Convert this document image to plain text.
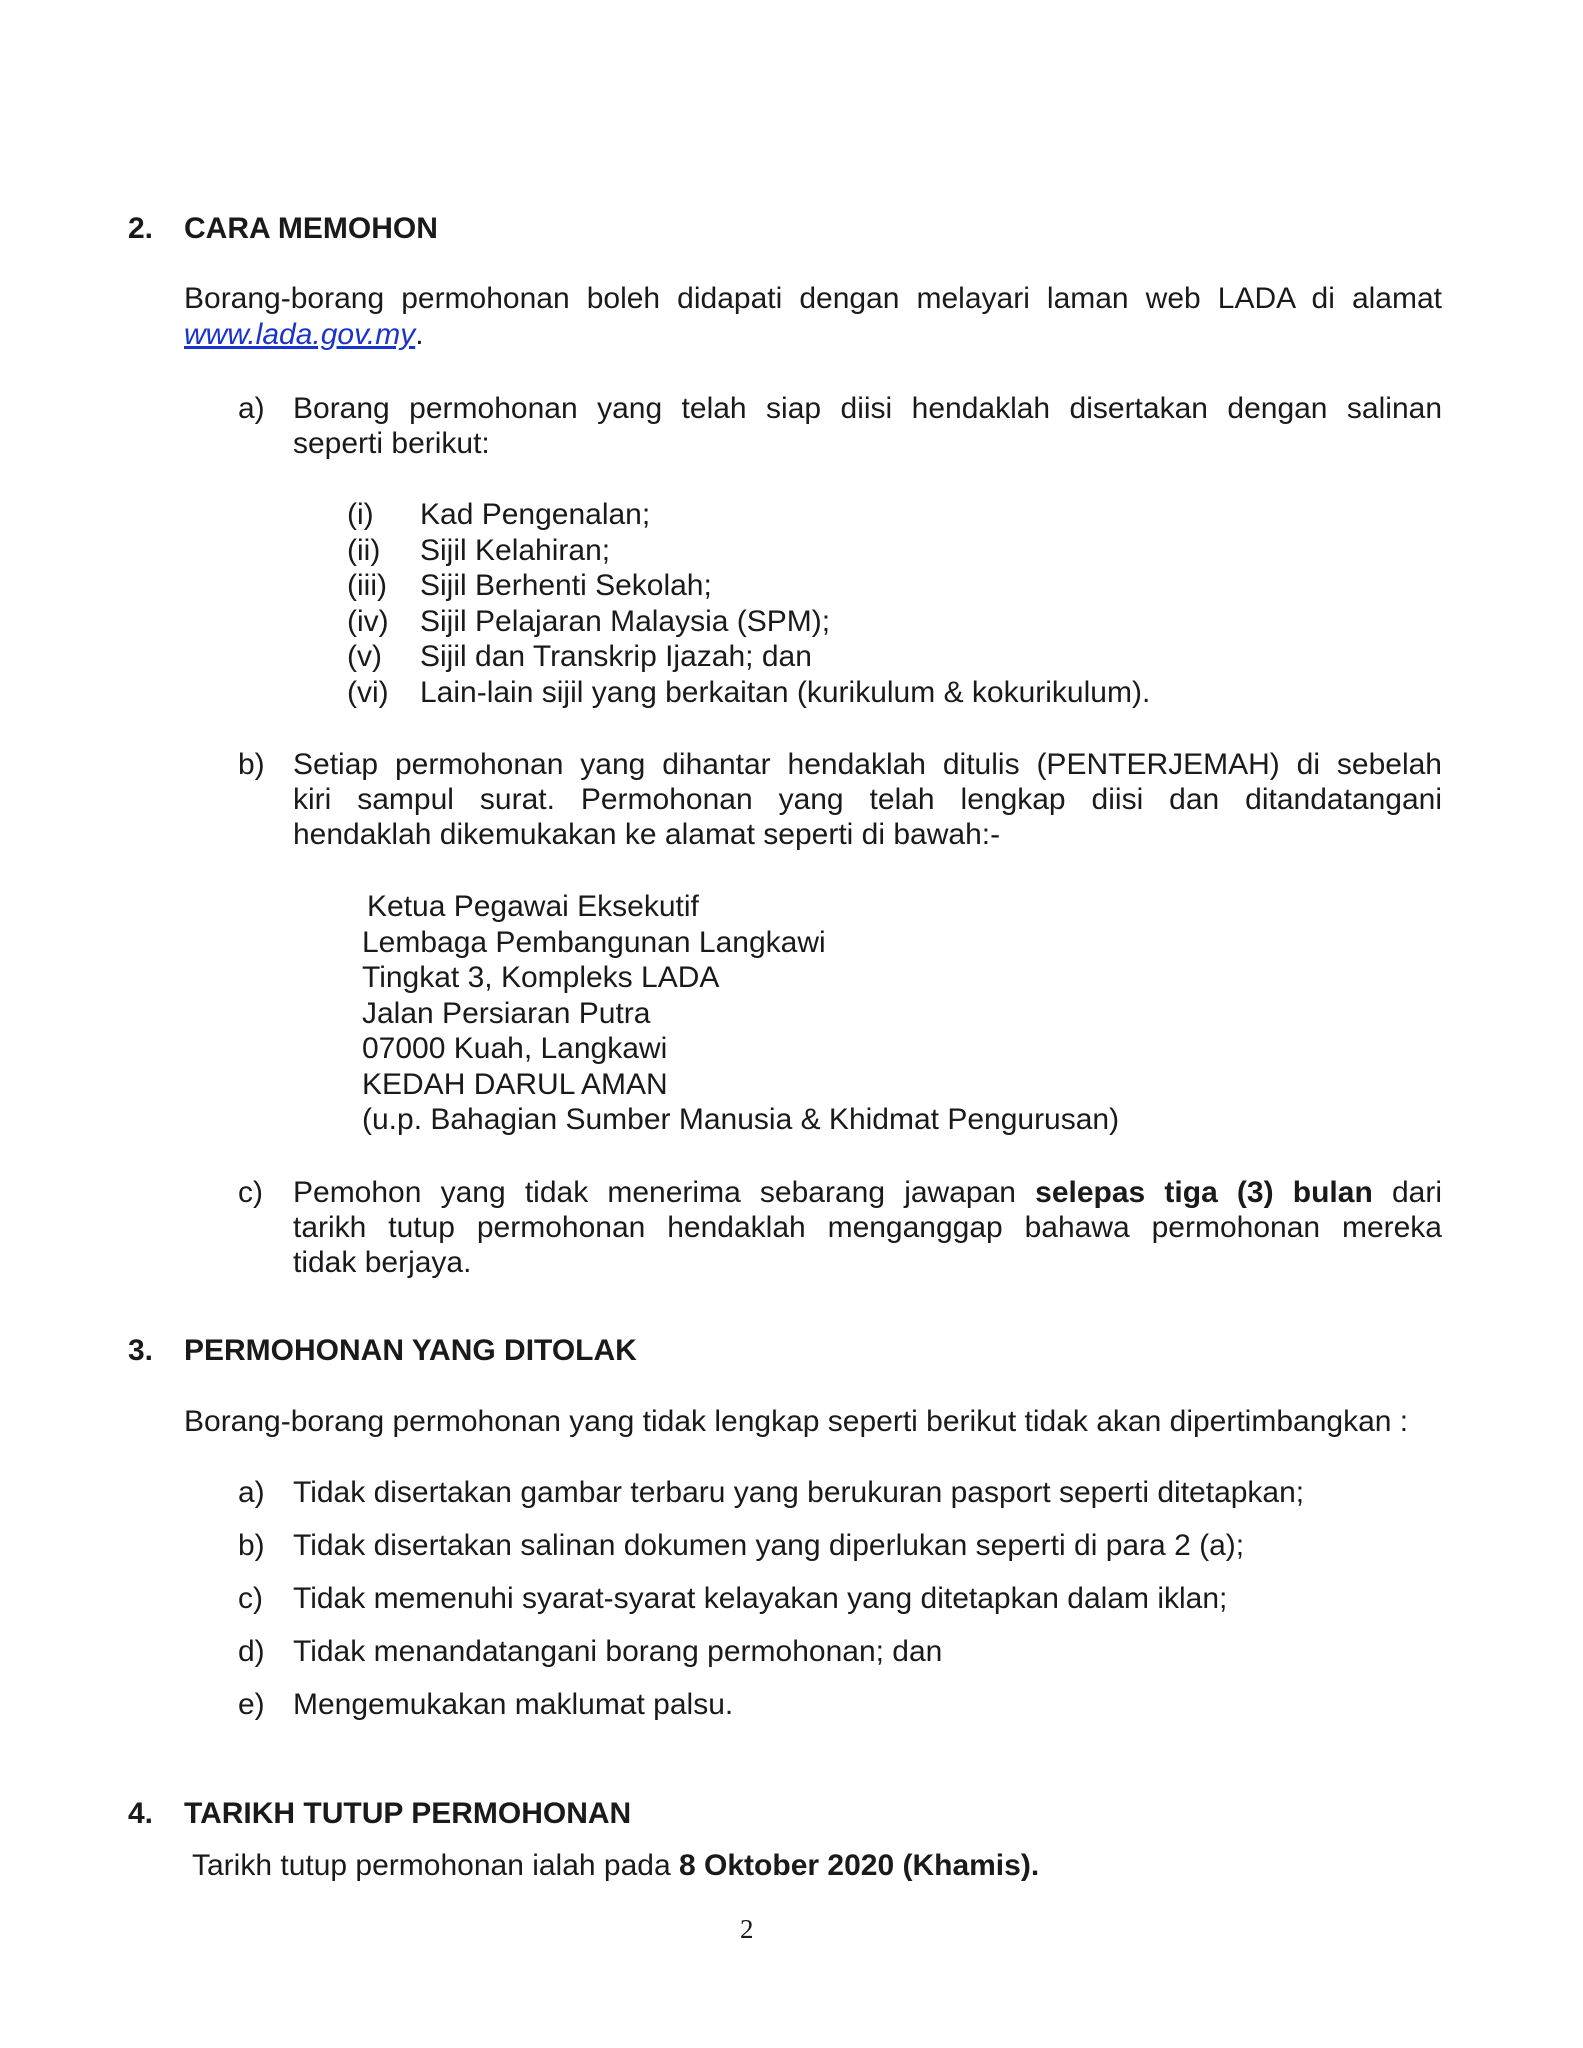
2. CARA MEMOHON
Borang-borang permohonan boleh didapati dengan melayari laman web LADA di alamat
www.lada.gov.my.
a) Borang permohonan yang telah siap diisi hendaklah disertakan dengan salinan
seperti berikut:
(i) Kad Pengenalan;
(ii) Sijil Kelahiran;
(iii) Sijil Berhenti Sekolah;
(iv) Sijil Pelajaran Malaysia (SPM);
(v) Sijil dan Transkrip Ijazah; dan
(vi) Lain-lain sijil yang berkaitan (kurikulum & kokurikulum).
b) Setiap permohonan yang dihantar hendaklah ditulis (PENTERJEMAH) di sebelah
kiri sampul surat. Permohonan yang telah lengkap diisi dan ditandatangani
hendaklah dikemukakan ke alamat seperti di bawah:-
Ketua Pegawai Eksekutif
Lembaga Pembangunan Langkawi
Tingkat 3, Kompleks LADA
Jalan Persiaran Putra
07000 Kuah, Langkawi
KEDAH DARUL AMAN
(u.p. Bahagian Sumber Manusia & Khidmat Pengurusan)
c) Pemohon yang tidak menerima sebarang jawapan selepas tiga (3) bulan dari
tarikh tutup permohonan hendaklah menganggap bahawa permohonan mereka
tidak berjaya.
3. PERMOHONAN YANG DITOLAK
Borang-borang permohonan yang tidak lengkap seperti berikut tidak akan dipertimbangkan :
a) Tidak disertakan gambar terbaru yang berukuran pasport seperti ditetapkan;
b) Tidak disertakan salinan dokumen yang diperlukan seperti di para 2 (a);
c) Tidak memenuhi syarat-syarat kelayakan yang ditetapkan dalam iklan;
d) Tidak menandatangani borang permohonan; dan
e) Mengemukakan maklumat palsu.
4. TARIKH TUTUP PERMOHONAN
Tarikh tutup permohonan ialah pada 8 Oktober 2020 (Khamis).
2
